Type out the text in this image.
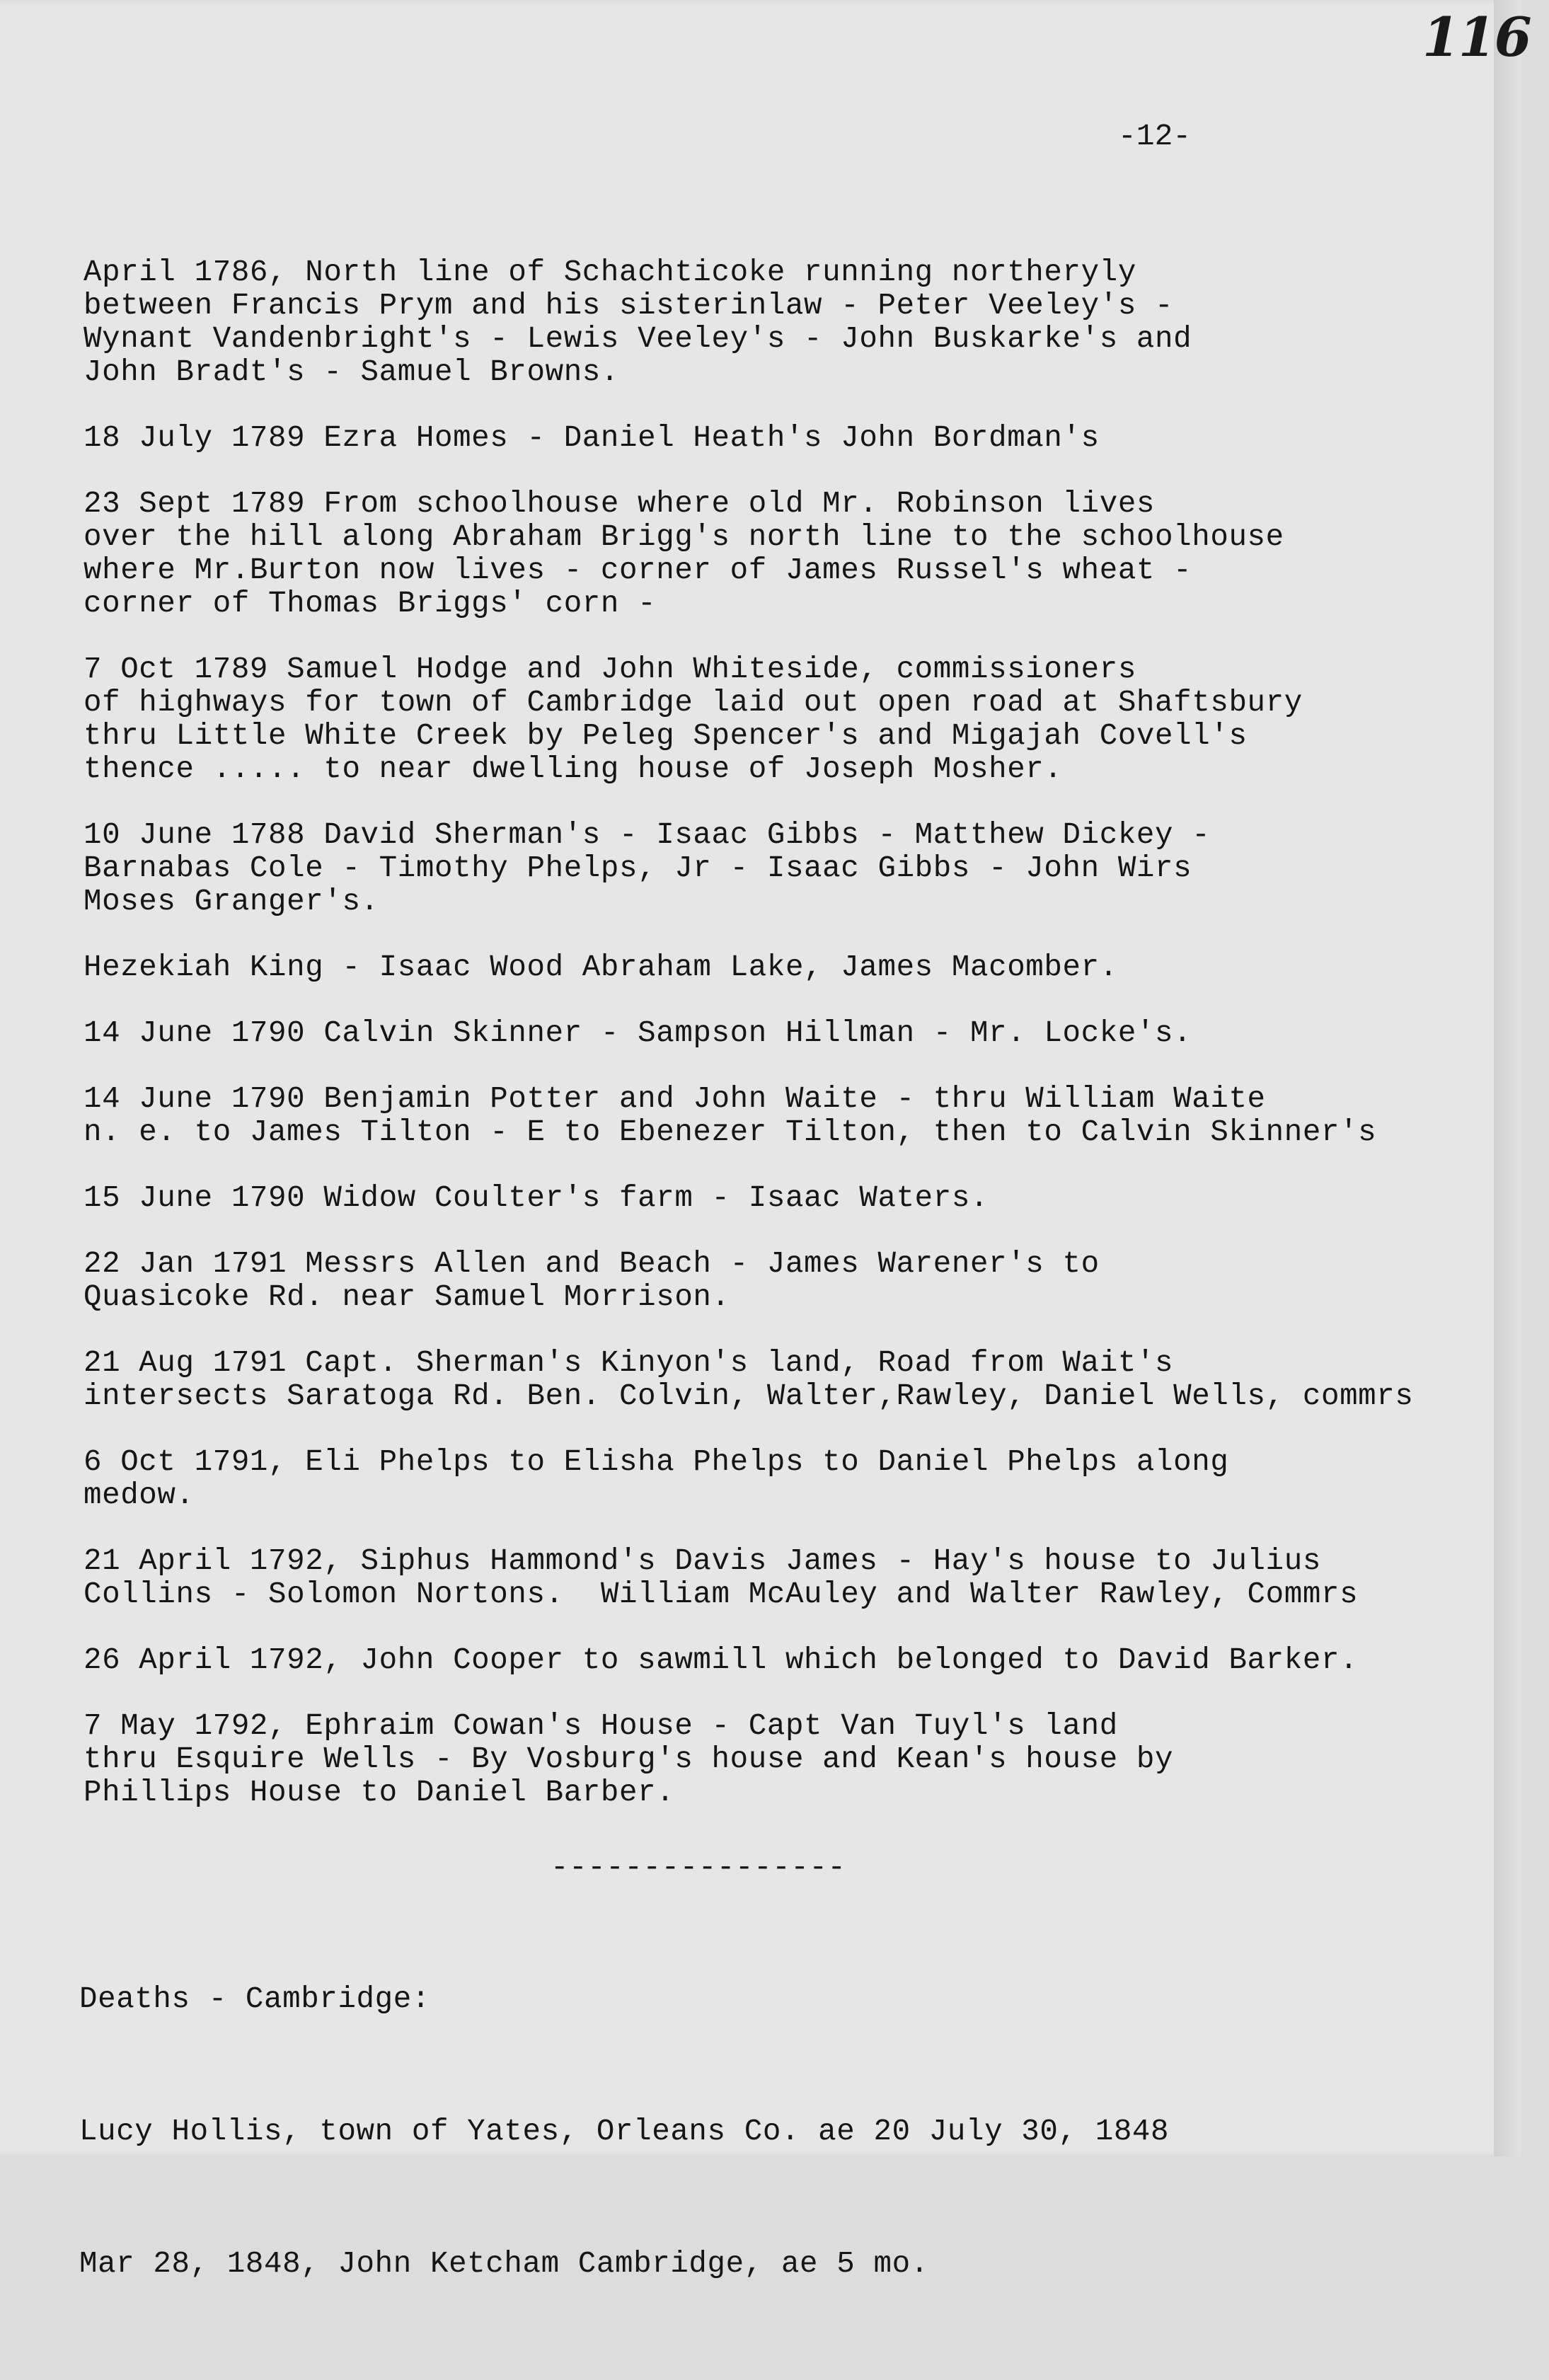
116
-12-
April 1786, North line of Schachticoke running northeryly
between Francis Prym and his sisterinlaw - Peter Veeley's -
Wynant Vandenbright's - Lewis Veeley's - John Buskarke's and
John Bradt's - Samuel Browns.
18 July 1789 Ezra Homes - Daniel Heath's John Bordman's
23 Sept 1789 From schoolhouse where old Mr. Robinson lives
over the hill along Abraham Brigg's north line to the schoolhouse
where Mr.Burton now lives - corner of James Russel's wheat -
corner of Thomas Briggs' corn -
7 Oct 1789 Samuel Hodge and John Whiteside, commissioners
of highways for town of Cambridge laid out open road at Shaftsbury
thru Little White Creek by Peleg Spencer's and Migajah Covell's
thence ..... to near dwelling house of Joseph Mosher.
10 June 1788 David Sherman's - Isaac Gibbs - Matthew Dickey -
Barnabas Cole - Timothy Phelps, Jr - Isaac Gibbs - John Wirs
Moses Granger's.
Hezekiah King - Isaac Wood Abraham Lake, James Macomber.
14 June 1790 Calvin Skinner - Sampson Hillman - Mr. Locke's.
14 June 1790 Benjamin Potter and John Waite - thru William Waite
n. e. to James Tilton - E to Ebenezer Tilton, then to Calvin Skinner's
15 June 1790 Widow Coulter's farm - Isaac Waters.
22 Jan 1791 Messrs Allen and Beach - James Warener's to
Quasicoke Rd. near Samuel Morrison.
21 Aug 1791 Capt. Sherman's Kinyon's land, Road from Wait's
intersects Saratoga Rd. Ben. Colvin, Walter,Rawley, Daniel Wells, commrs
6 Oct 1791, Eli Phelps to Elisha Phelps to Daniel Phelps along
medow.
21 April 1792, Siphus Hammond's Davis James - Hay's house to Julius
Collins - Solomon Nortons.  William McAuley and Walter Rawley, Commrs
26 April 1792, John Cooper to sawmill which belonged to David Barker.
7 May 1792, Ephraim Cowan's House - Capt Van Tuyl's land
thru Esquire Wells - By Vosburg's house and Kean's house by
Phillips House to Daniel Barber.
----------------

Deaths - Cambridge:

Lucy Hollis, town of Yates, Orleans Co. ae 20 July 30, 1848

Mar 28, 1848, John Ketcham Cambridge, ae 5 mo.
